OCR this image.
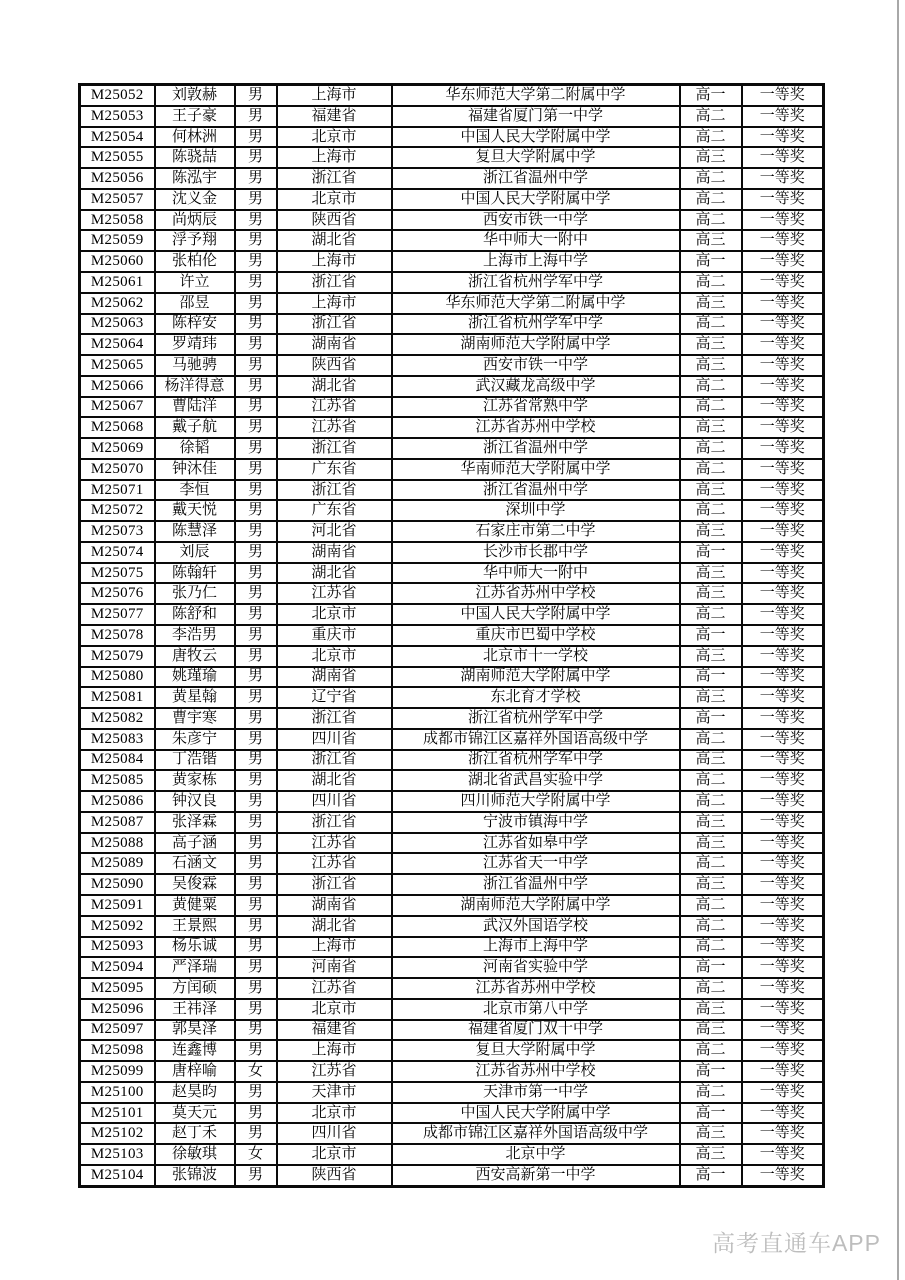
M25052	刘敦赫	男	上海市	华东师范大学第二附属中学	高一	一等奖
M25053	王子豪	男	福建省	福建省厦门第一中学	高二	一等奖
M25054	何林洲	男	北京市	中国人民大学附属中学	高二	一等奖
M25055	陈骁喆	男	上海市	复旦大学附属中学	高三	一等奖
M25056	陈泓宇	男	浙江省	浙江省温州中学	高二	一等奖
M25057	沈义金	男	北京市	中国人民大学附属中学	高二	一等奖
M25058	尚炳辰	男	陕西省	西安市铁一中学	高二	一等奖
M25059	浮予翔	男	湖北省	华中师大一附中	高三	一等奖
M25060	张柏伦	男	上海市	上海市上海中学	高一	一等奖
M25061	许立	男	浙江省	浙江省杭州学军中学	高二	一等奖
M25062	邵昱	男	上海市	华东师范大学第二附属中学	高三	一等奖
M25063	陈梓安	男	浙江省	浙江省杭州学军中学	高二	一等奖
M25064	罗靖玮	男	湖南省	湖南师范大学附属中学	高三	一等奖
M25065	马驰骋	男	陕西省	西安市铁一中学	高三	一等奖
M25066	杨洋得意	男	湖北省	武汉藏龙高级中学	高二	一等奖
M25067	曹陆洋	男	江苏省	江苏省常熟中学	高二	一等奖
M25068	戴子航	男	江苏省	江苏省苏州中学校	高三	一等奖
M25069	徐韬	男	浙江省	浙江省温州中学	高二	一等奖
M25070	钟沐佳	男	广东省	华南师范大学附属中学	高二	一等奖
M25071	李恒	男	浙江省	浙江省温州中学	高三	一等奖
M25072	戴天悦	男	广东省	深圳中学	高二	一等奖
M25073	陈慧泽	男	河北省	石家庄市第二中学	高三	一等奖
M25074	刘辰	男	湖南省	长沙市长郡中学	高一	一等奖
M25075	陈翰轩	男	湖北省	华中师大一附中	高三	一等奖
M25076	张乃仁	男	江苏省	江苏省苏州中学校	高三	一等奖
M25077	陈舒和	男	北京市	中国人民大学附属中学	高二	一等奖
M25078	李浩男	男	重庆市	重庆市巴蜀中学校	高一	一等奖
M25079	唐牧云	男	北京市	北京市十一学校	高三	一等奖
M25080	姚瑾瑜	男	湖南省	湖南师范大学附属中学	高一	一等奖
M25081	黄星翰	男	辽宁省	东北育才学校	高三	一等奖
M25082	曹宇寒	男	浙江省	浙江省杭州学军中学	高一	一等奖
M25083	朱彦宁	男	四川省	成都市锦江区嘉祥外国语高级中学	高二	一等奖
M25084	丁浩锴	男	浙江省	浙江省杭州学军中学	高三	一等奖
M25085	黄家栋	男	湖北省	湖北省武昌实验中学	高二	一等奖
M25086	钟汉良	男	四川省	四川师范大学附属中学	高二	一等奖
M25087	张泽霖	男	浙江省	宁波市镇海中学	高三	一等奖
M25088	高子涵	男	江苏省	江苏省如皋中学	高三	一等奖
M25089	石涵文	男	江苏省	江苏省天一中学	高二	一等奖
M25090	吴俊霖	男	浙江省	浙江省温州中学	高三	一等奖
M25091	黄健粟	男	湖南省	湖南师范大学附属中学	高二	一等奖
M25092	王景熙	男	湖北省	武汉外国语学校	高二	一等奖
M25093	杨乐诚	男	上海市	上海市上海中学	高二	一等奖
M25094	严泽瑞	男	河南省	河南省实验中学	高一	一等奖
M25095	方闰硕	男	江苏省	江苏省苏州中学校	高二	一等奖
M25096	王祎泽	男	北京市	北京市第八中学	高三	一等奖
M25097	郭昊泽	男	福建省	福建省厦门双十中学	高三	一等奖
M25098	连鑫博	男	上海市	复旦大学附属中学	高二	一等奖
M25099	唐梓喻	女	江苏省	江苏省苏州中学校	高一	一等奖
M25100	赵昊昀	男	天津市	天津市第一中学	高二	一等奖
M25101	莫天元	男	北京市	中国人民大学附属中学	高一	一等奖
M25102	赵丁禾	男	四川省	成都市锦江区嘉祥外国语高级中学	高三	一等奖
M25103	徐敏琪	女	北京市	北京中学	高三	一等奖
M25104	张锦波	男	陕西省	西安高新第一中学	高一	一等奖
高考直通车APP
